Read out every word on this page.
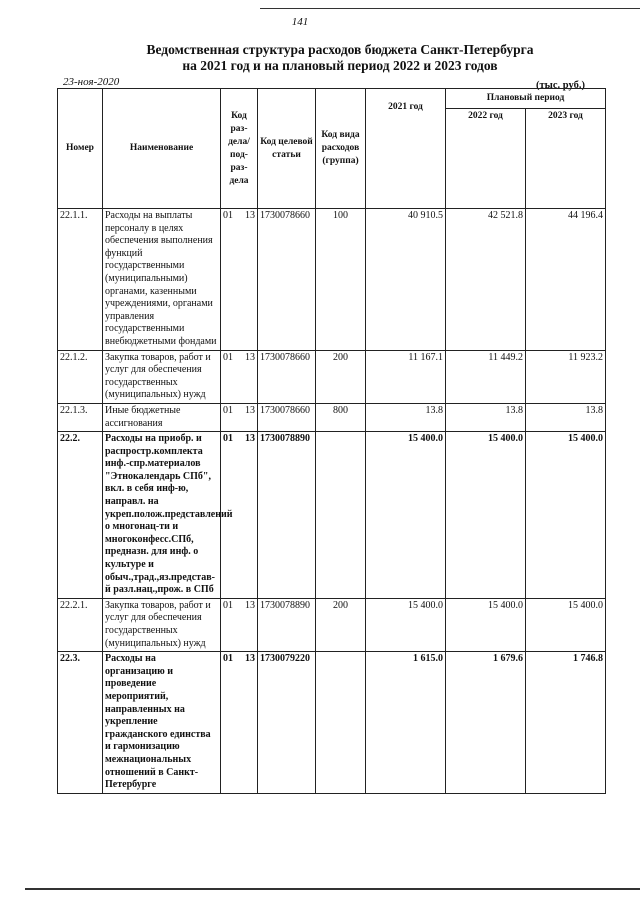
141
Ведомственная структура расходов бюджета Санкт-Петербурга
на 2021 год и на плановый период 2022 и 2023 годов
23-ноя-2020	(тыс. руб.)
Номер	Наименование	Код раз- дела/ под- раз- дела	Код целевой статьи	Код вида расходов (группа)	2021 год	Плановый период	
						2022 год	2023 год
22.1.1.	Расходы на выплаты персоналу в целях обеспечения выполнения функций государственными (муниципальными) органами, казенными учреждениями, органами управления государственными внебюджетными фондами	01 13	1730078660	100	40 910.5	42 521.8	44 196.4
22.1.2.	Закупка товаров, работ и услуг для обеспечения государственных (муниципальных) нужд	01 13	1730078660	200	11 167.1	11 449.2	11 923.2
22.1.3.	Иные бюджетные ассигнования	01 13	1730078660	800	13.8	13.8	13.8
22.2.	Расходы на приобр. и распростр.комплекта инф.-спр.материалов "Этнокалендарь СПб", вкл. в себя инф-ю, направл. на укреп.полож.представлений о многонац-ти и многоконфесс.СПб, предназн. для инф. о культуре и обыч.,трад.,яз.представ-й разл.нац.,прож. в СПб	01 13	1730078890		15 400.0	15 400.0	15 400.0
22.2.1.	Закупка товаров, работ и услуг для обеспечения государственных (муниципальных) нужд	01 13	1730078890	200	15 400.0	15 400.0	15 400.0
22.3.	Расходы на организацию и проведение мероприятий, направленных на укрепление гражданского единства и гармонизацию межнациональных отношений в Санкт-Петербурге	01 13	1730079220		1 615.0	1 679.6	1 746.8
